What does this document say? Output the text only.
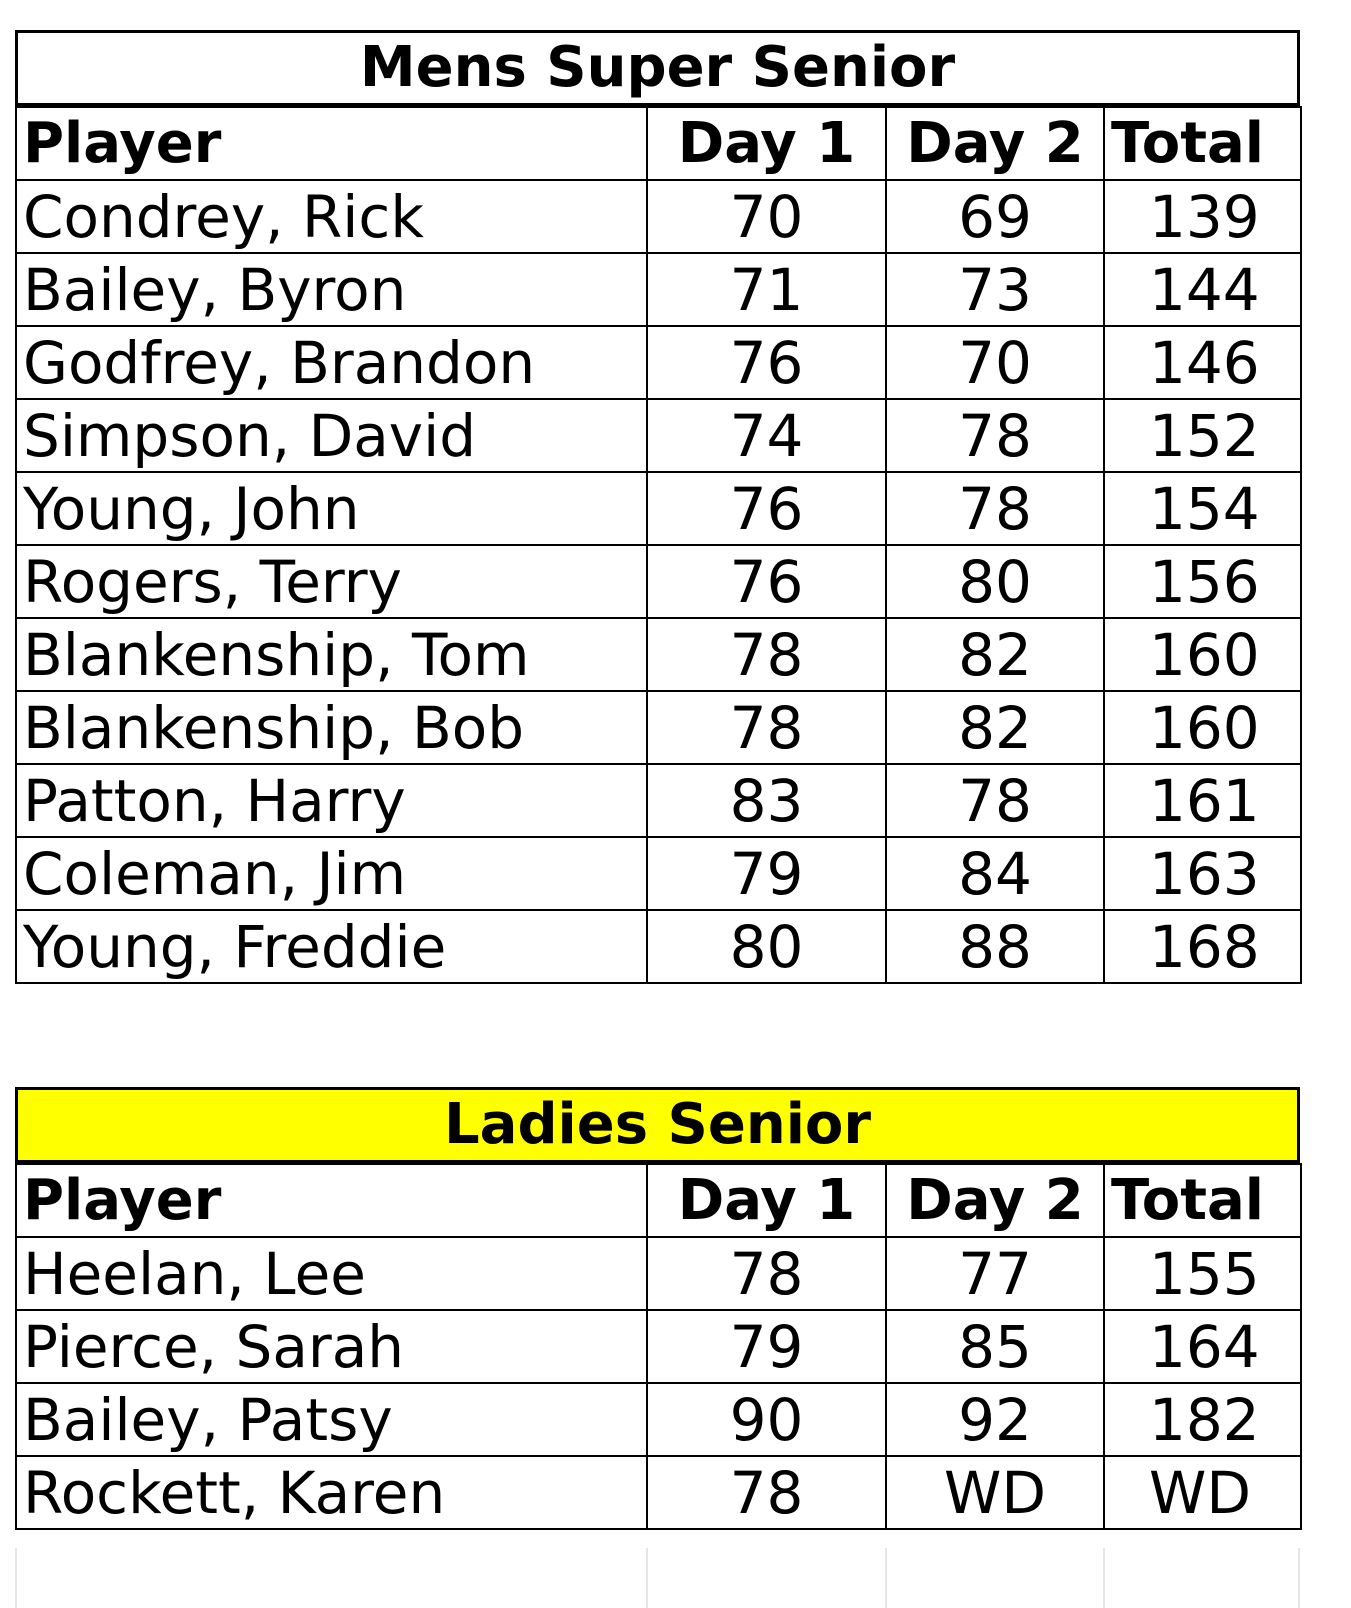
Mens Super Senior
Player	Day 1	Day 2	Total
Condrey, Rick	70	69	139
Bailey, Byron	71	73	144
Godfrey, Brandon	76	70	146
Simpson, David	74	78	152
Young, John	76	78	154
Rogers, Terry	76	80	156
Blankenship, Tom	78	82	160
Blankenship, Bob	78	82	160
Patton, Harry	83	78	161
Coleman, Jim	79	84	163
Young, Freddie	80	88	168
Ladies Senior
Player	Day 1	Day 2	Total
Heelan, Lee	78	77	155
Pierce, Sarah	79	85	164
Bailey, Patsy	90	92	182
Rockett, Karen	78	WD	WD
